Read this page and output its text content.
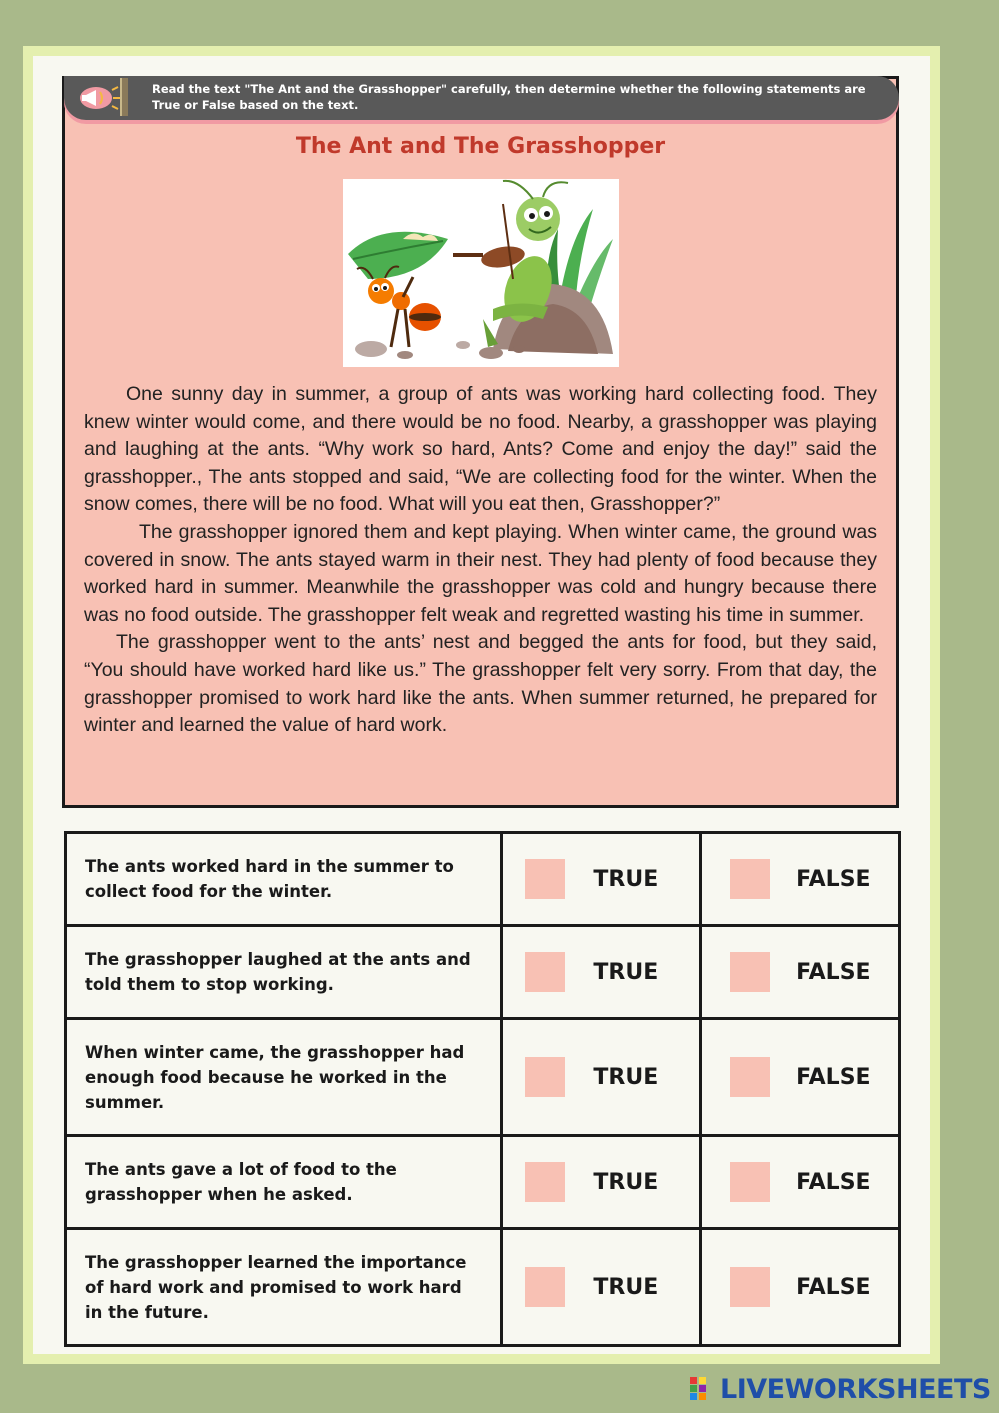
Read the text "The Ant and the Grasshopper" carefully, then determine whether the following statements are True or False based on the text.
The Ant and The Grasshopper

One sunny day in summer, a group of ants was working hard collecting food. They knew winter would come, and there would be no food. Nearby, a grasshopper was playing and laughing at the ants. “Why work so hard, Ants? Come and enjoy the day!” said the grasshopper., The ants stopped and said, “We are collecting food for the winter. When the snow comes, there will be no food. What will you eat then, Grasshopper?”

The grasshopper ignored them and kept playing. When winter came, the ground was covered in snow. The ants stayed warm in their nest. They had plenty of food because they worked hard in summer. Meanwhile the grasshopper was cold and hungry because there was no food outside. The grasshopper felt weak and regretted wasting his time in summer.

The grasshopper went to the ants’ nest and begged the ants for food, but they said, “You should have worked hard like us.” The grasshopper felt very sorry. From that day, the grasshopper promised to work hard like the ants. When summer returned, he prepared for winter and learned the value of hard work.

The ants worked hard in the summer to collect food for the winter.	TRUE	FALSE

The grasshopper laughed at the ants and told them to stop working.	TRUE	FALSE

When winter came, the grasshopper had enough food because he worked in the summer.	TRUE	FALSE

The ants gave a lot of food to the grasshopper when he asked.	TRUE	FALSE

The grasshopper learned the importance of hard work and promised to work hard in the future.	TRUE	FALSE
LIVEWORKSHEETS
